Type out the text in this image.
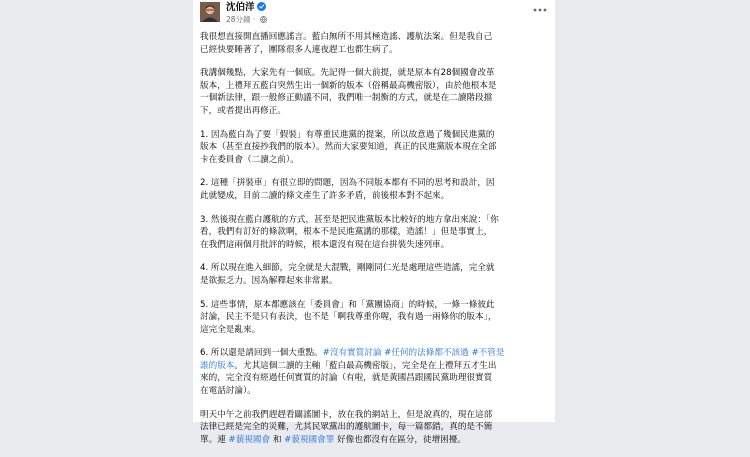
沈伯洋
28分鐘 ·
我很想直接開直播回應謠言。藍白無所不用其極造謠、護航法案。但是我自己
已經快要睡著了，團隊很多人連夜趕工也都生病了。
我講個幾點，大家先有一個底。先記得一個大前提，就是原本有28個國會改革
版本，上禮拜五藍白突然生出一個新的版本（俗稱最高機密版），由於他根本是
一個新法律，跟一般修正動議不同，我們唯一制衡的方式，就是在二讀階段擋
下，或者提出再修正。
1. 因為藍白為了要「假裝」有尊重民進黨的提案，所以故意過了幾個民進黨的
版本（甚至直接抄我們的版本）。然而大家要知道，真正的民進黨版本現在全部
卡在委員會（二讀之前）。
2. 這種「拼裝車」有很立即的問題，因為不同版本都有不同的思考和設計，因
此就變成，目前二讀的條文產生了許多矛盾，前後根本對不起來。
3. 然後現在藍白護航的方式，甚至是把民進黨版本比較好的地方拿出來說：「你
看，我們有訂好的條款啊，根本不是民進黨講的那樣，造謠！」但是事實上，
在我們這兩個月批評的時候，根本還沒有現在這台拼裝失速列車。
4. 所以現在進入細節，完全就是大混戰，剛剛同仁光是處理這些造謠，完全就
是欲振乏力。因為解釋起來非常累。
5. 這些事情，原本都應該在「委員會」和「黨團協商」的時候，一條一條彼此
討論，民主不是只有表決，也不是「啊我尊重你喔，我有過一兩條你的版本」，
這完全是亂來。
6. 所以還是請回到一個大重點。#沒有實質討論 #任何的法條都不該過 #不管是
誰的版本。尤其這個二讀的主軸「藍白最高機密版」，完全是在上禮拜五才生出
來的，完全沒有經過任何實質的討論（有啦，就是黃國昌跟國民黨助理很實質
在電話討論）。
明天中午之前我們趕趕看闢謠圖卡，放在我的網站上，但是說真的，現在這部
法律已經是完全的災難，尤其民眾黨出的護航圖卡，每一篇都錯，真的是不簡
單。連 #藐視國會 和 #藐視國會罪 好像也都沒有在區分，徒增困擾。
